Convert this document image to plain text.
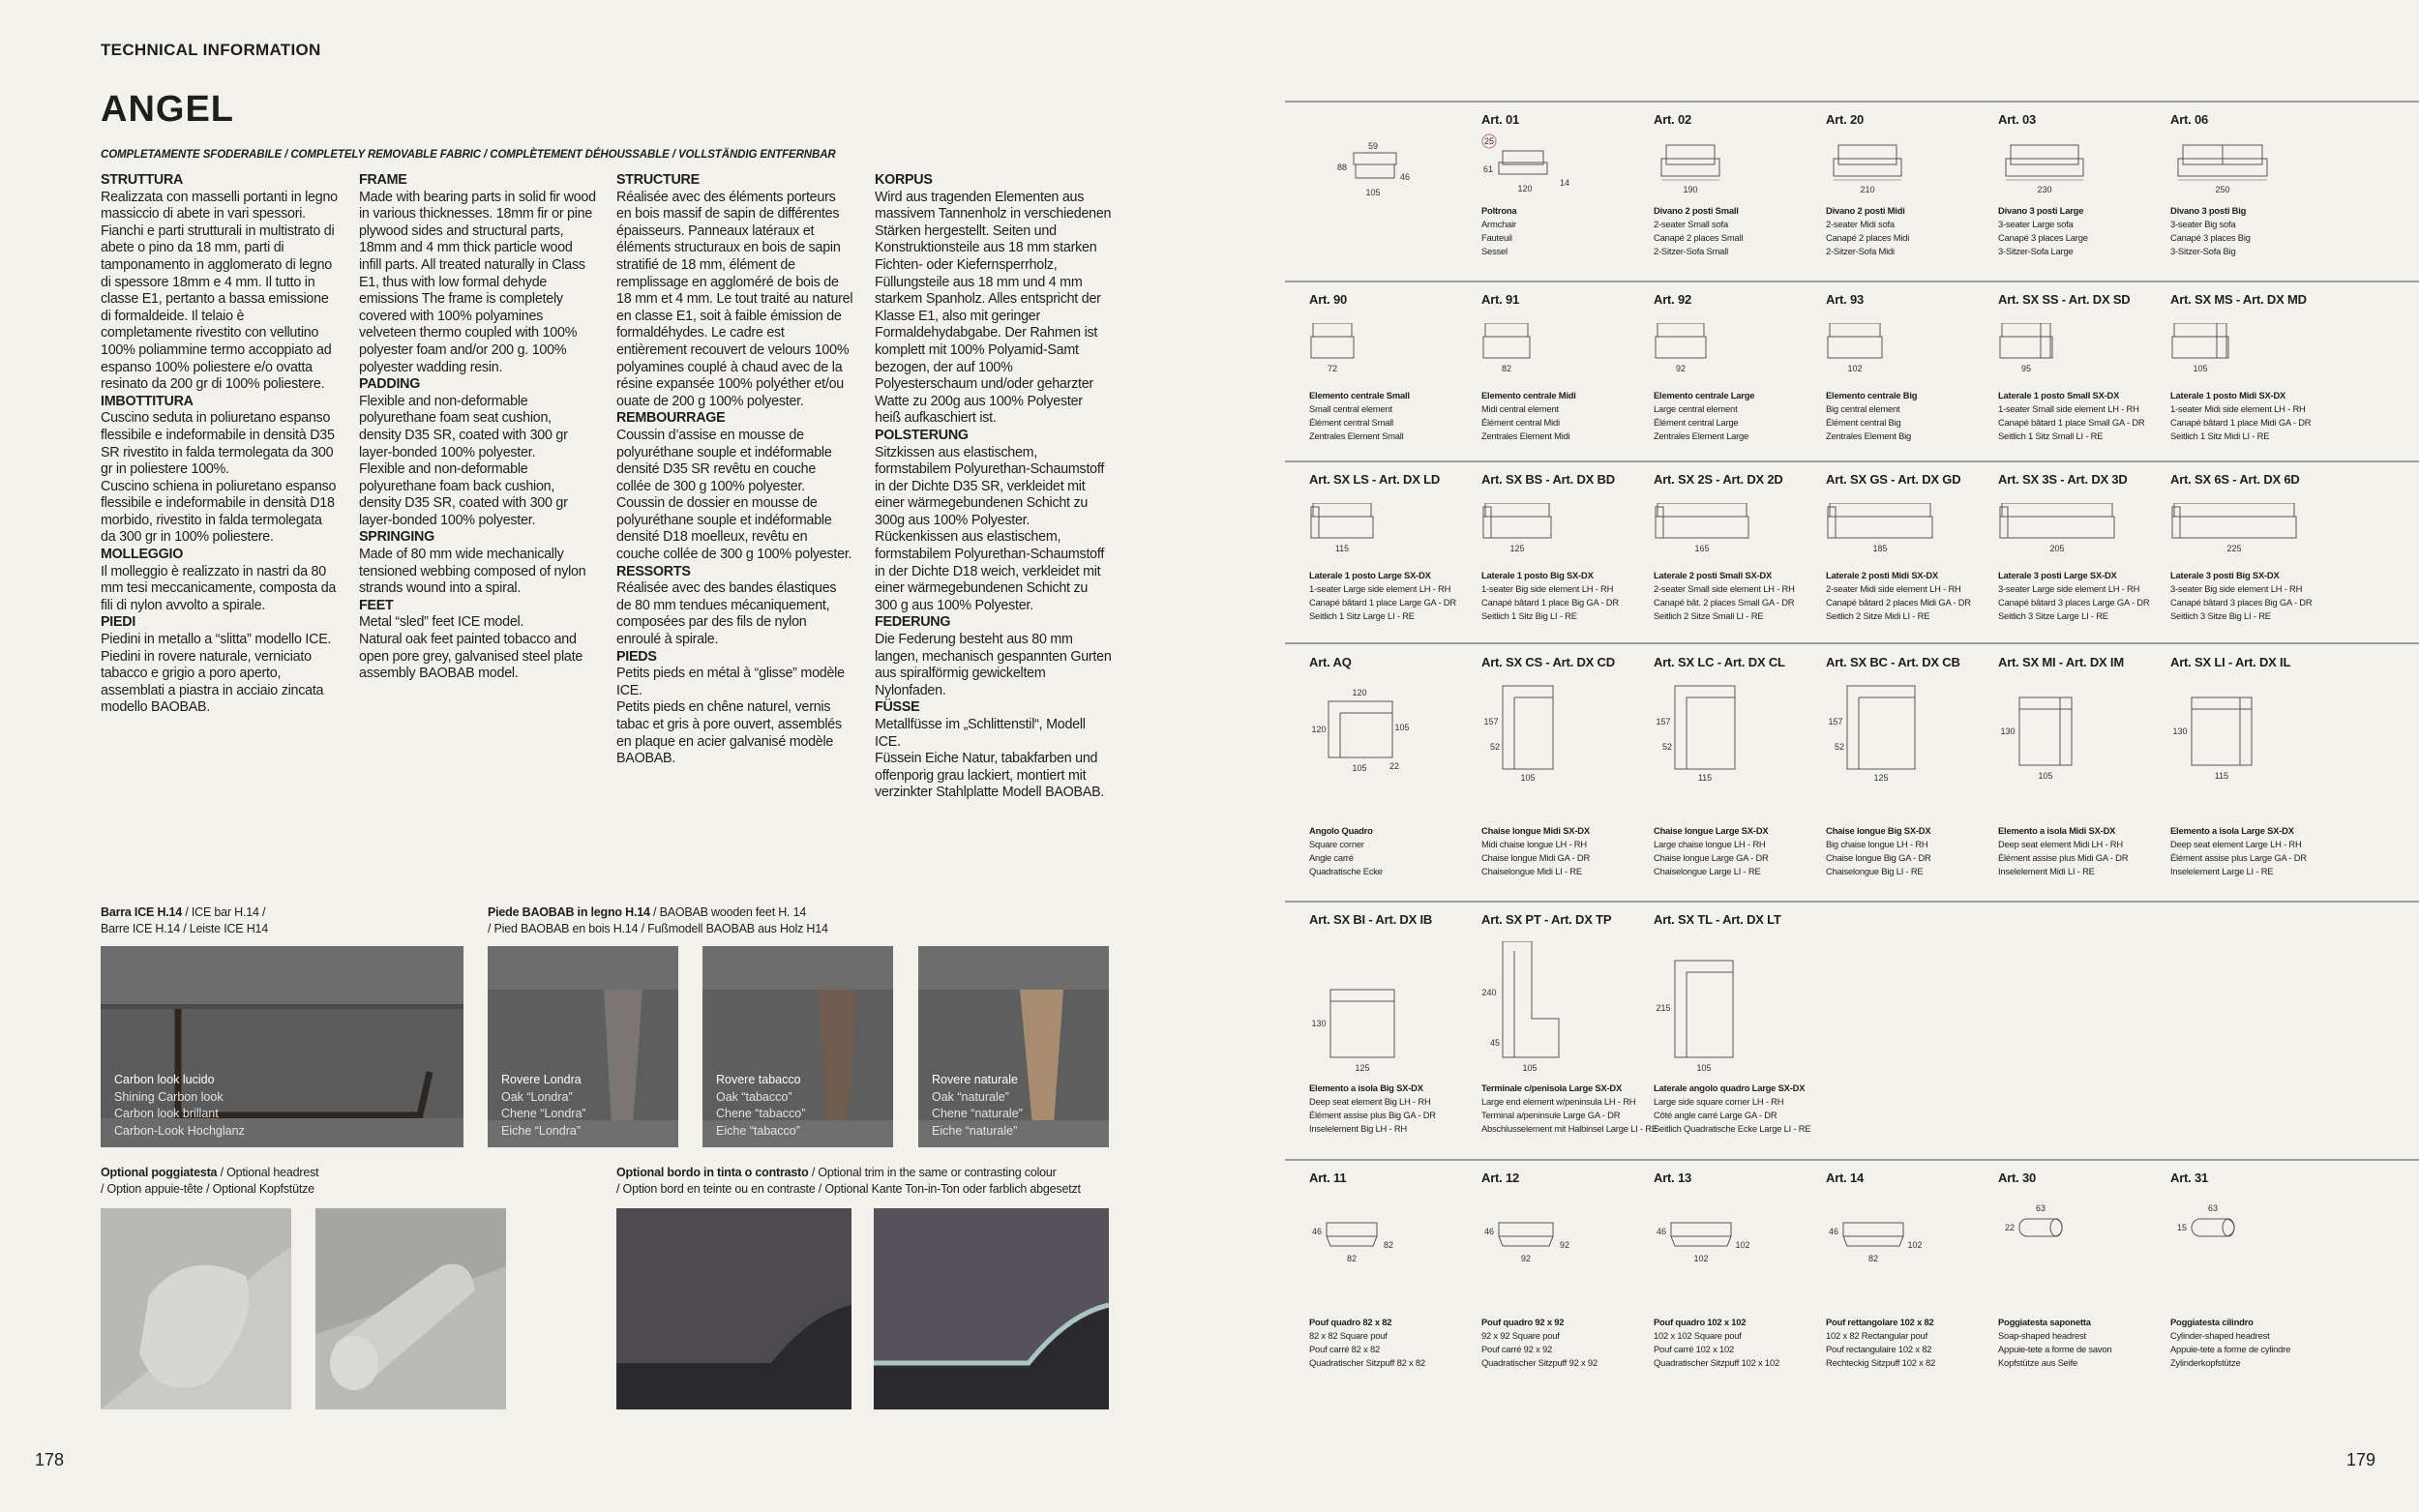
TECHNICAL INFORMATION
ANGEL
COMPLETAMENTE SFODERABILE / COMPLETELY REMOVABLE FABRIC / COMPLÈTEMENT DÉHOUSSABLE / VOLLSTÄNDIG ENTFERNBAR
STRUTTURA
Realizzata con masselli portanti in legno massiccio di abete in vari spessori. Fianchi e parti strutturali in multistrato di abete o pino da 18 mm, parti di tamponamento in agglomerato di legno di spessore 18mm e 4 mm. Il tutto in classe E1, pertanto a bassa emissione di formaldeide. Il telaio è completamente rivestito con vellutino 100% poliammine termo accoppiato ad espanso 100% poliestere e/o ovatta resinato da 200 gr di 100% poliestere.
IMBOTTITURA
Cuscino seduta in poliuretano espanso flessibile e indeformabile in densità D35 SR rivestito in falda termolegata da 300 gr in poliestere 100%.
Cuscino schiena in poliuretano espanso flessibile e indeformabile in densità D18 morbido, rivestito in falda termolegata da 300 gr in 100% poliestere.
MOLLEGGIO
Il molleggio è realizzato in nastri da 80 mm tesi meccanicamente, composta da fili di nylon avvolto a spirale.
PIEDI
Piedini in metallo a “slitta” modello ICE.
Piedini in rovere naturale, verniciato tabacco e grigio a poro aperto, assemblati a piastra in acciaio zincata modello BAOBAB.
FRAME
Made with bearing parts in solid fir wood in various thicknesses. 18mm fir or pine plywood sides and structural parts, 18mm and 4 mm thick particle wood infill parts. All treated naturally in Class E1, thus with low formal dehyde emissions The frame is completely covered with 100% polyamines velveteen thermo coupled with 100% polyester foam and/or 200 g. 100% polyester wadding resin.
PADDING
Flexible and non-deformable polyurethane foam seat cushion, density D35 SR, coated with 300 gr layer-bonded 100% polyester.
Flexible and non-deformable polyurethane foam back cushion, density D35 SR, coated with 300 gr layer-bonded 100% polyester.
SPRINGING
Made of 80 mm wide mechanically tensioned webbing composed of nylon strands wound into a spiral.
FEET
Metal “sled” feet ICE model.
Natural oak feet painted tobacco and open pore grey, galvanised steel plate assembly BAOBAB model.
STRUCTURE
Réalisée avec des éléments porteurs en bois massif de sapin de différentes épaisseurs. Panneaux latéraux et éléments structuraux en bois de sapin stratifié de 18 mm, élément de remplissage en aggloméré de bois de 18 mm et 4 mm. Le tout traité au naturel en classe E1, soit à faible émission de formaldéhydes. Le cadre est entièrement recouvert de velours 100% polyamines couplé à chaud avec de la résine expansée 100% polyéther et/ou ouate de 200 g 100% polyester.
REMBOURRAGE
Coussin d’assise en mousse de polyuréthane souple et indéformable densité D35 SR revêtu en couche collée de 300 g 100% polyester.
Coussin de dossier en mousse de polyuréthane souple et indéformable densité D18 moelleux, revêtu en couche collée de 300 g 100% polyester.
RESSORTS
Réalisée avec des bandes élastiques de 80 mm tendues mécaniquement, composées par des fils de nylon enroulé à spirale.
PIEDS
Petits pieds en métal à “glisse” modèle ICE.
Petits pieds en chêne naturel, vernis tabac et gris à pore ouvert, assemblés en plaque en acier galvanisé modèle BAOBAB.
KORPUS
Wird aus tragenden Elementen aus massivem Tannenholz in verschiedenen Stärken hergestellt. Seiten und Konstruktionsteile aus 18 mm starken Fichten- oder Kiefernsperrholz, Füllungsteile aus 18 mm und 4 mm starkem Spanholz. Alles entspricht der Klasse E1, also mit geringer Formaldehydabgabe. Der Rahmen ist komplett mit 100% Polyamid-Samt bezogen, der auf 100% Polyesterschaum und/oder geharzter Watte zu 200g aus 100% Polyester heiß aufkaschiert ist.
POLSTERUNG
Sitzkissen aus elastischem, formstabilem Polyurethan-Schaumstoff in der Dichte D35 SR, verkleidet mit einer wärmegebundenen Schicht zu 300g aus 100% Polyester.
Rückenkissen aus elastischem, formstabilem Polyurethan-Schaumstoff in der Dichte D18 weich, verkleidet mit einer wärmegebundenen Schicht zu 300 g aus 100% Polyester.
FEDERUNG
Die Federung besteht aus 80 mm langen, mechanisch gespannten Gurten aus spiralförmig gewickeltem Nylonfaden.
FÜSSE
Metallfüsse im „Schlittenstil“, Modell ICE.
Füssein Eiche Natur, tabakfarben und offenporig grau lackiert, montiert mit verzinkter Stahlplatte Modell BAOBAB.
Barra ICE H.14 / ICE bar H.14 /
Barre ICE H.14 / Leiste ICE H14
Piede BAOBAB in legno H.14 / BAOBAB wooden feet H. 14
/ Pied BAOBAB en bois H.14 / Fußmodell BAOBAB aus Holz H14
Carbon look lucido
Shining Carbon look
Carbon look brillant
Carbon-Look Hochglanz
Rovere Londra
Oak “Londra”
Chene “Londra”
Eiche “Londra”
Rovere tabacco
Oak “tabacco”
Chene “tabacco”
Eiche “tabacco”
Rovere naturale
Oak “naturale”
Chene “naturale”
Eiche “naturale”
Optional poggiatesta / Optional headrest
/ Option appuie-tête / Optional Kopfstütze
Optional bordo in tinta o contrasto / Optional trim in the same or contrasting colour
/ Option bord en teinte ou en contraste / Optional Kante Ton-in-Ton oder farblich abgesetzt
178	179
59
88
46
105
Art. 01
25
61
120
14
Poltrona
Armchair
Fauteuil
Sessel
Art. 02
190
Divano 2 posti Small
2-seater Small sofa
Canapé 2 places Small
2-Sitzer-Sofa Small
Art. 20
210
Divano 2 posti Midi
2-seater Midi sofa
Canapé 2 places Midi
2-Sitzer-Sofa Midi
Art. 03
230
Divano 3 posti Large
3-seater Large sofa
Canapé 3 places Large
3-Sitzer-Sofa Large
Art. 06
250
Divano 3 posti Big
3-seater Big sofa
Canapé 3 places Big
3-Sitzer-Sofa Big
Art. 90
72
Elemento centrale Small
Small central element
Élément central Small
Zentrales Element Small
Art. 91
82
Elemento centrale Midi
Midi central element
Élément central Midi
Zentrales Element Midi
Art. 92
92
Elemento centrale Large
Large central element
Élément central Large
Zentrales Element Large
Art. 93
102
Elemento centrale Big
Big central element
Élément central Big
Zentrales Element Big
Art. SX SS - Art. DX SD
95
Laterale 1 posto Small SX-DX
1-seater Small side element LH - RH
Canapé bâtard 1 place Small GA - DR
Seitlich 1 Sitz Small LI - RE
Art. SX MS - Art. DX MD
105
Laterale 1 posto Midi SX-DX
1-seater Midi side element LH - RH
Canapé bâtard 1 place Midi GA - DR
Seitlich 1 Sitz Midi LI - RE
Art. SX LS - Art. DX LD
115
Laterale 1 posto Large SX-DX
1-seater Large side element LH - RH
Canapé bâtard 1 place Large GA - DR
Seitlich 1 Sitz Large LI - RE
Art. SX BS - Art. DX BD
125
Laterale 1 posto Big SX-DX
1-seater Big side element LH - RH
Canapé bâtard 1 place Big GA - DR
Seitlich 1 Sitz Big LI - RE
Art. SX 2S - Art. DX 2D
165
Laterale 2 posti Small SX-DX
2-seater Small side element LH - RH
Canapé bât. 2 places Small GA - DR
Seitlich 2 Sitze Small LI - RE
Art. SX GS - Art. DX GD
185
Laterale 2 posti Midi SX-DX
2-seater Midi side element LH - RH
Canapé bâtard 2 places Midi GA - DR
Seitlich 2 Sitze Midi LI - RE
Art. SX 3S - Art. DX 3D
205
Laterale 3 posti Large SX-DX
3-seater Large side element LH - RH
Canapé bâtard 3 places Large GA - DR
Seitlich 3 Sitze Large LI - RE
Art. SX 6S - Art. DX 6D
225
Laterale 3 posti Big SX-DX
3-seater Big side element LH - RH
Canapé bâtard 3 places Big GA - DR
Seitlich 3 Sitze Big LI - RE
Art. AQ
120
120	105
105	22
Angolo Quadro
Square corner
Angle carré
Quadratische Ecke
Art. SX CS - Art. DX CD
157
52
105
Chaise longue Midi SX-DX
Midi chaise longue LH - RH
Chaise longue Midi GA - DR
Chaiselongue Midi LI - RE
Art. SX LC - Art. DX CL
157
52
115
Chaise longue Large SX-DX
Large chaise longue LH - RH
Chaise longue Large GA - DR
Chaiselongue Large LI - RE
Art. SX BC - Art. DX CB
157
52
125
Chaise longue Big SX-DX
Big chaise longue LH - RH
Chaise longue Big GA - DR
Chaiselongue Big LI - RE
Art. SX MI - Art. DX IM
130
105
Elemento a isola Midi SX-DX
Deep seat element Midi LH - RH
Élément assise plus Midi GA - DR
Inselelement Midi LI - RE
Art. SX LI - Art. DX IL
130
115
Elemento a isola Large SX-DX
Deep seat element Large LH - RH
Élément assise plus Large GA - DR
Inselelement Large LI - RE
Art. SX BI - Art. DX IB
130
125
Elemento a isola Big SX-DX
Deep seat element Big LH - RH
Élément assise plus Big GA - DR
Inselelement Big LH - RH
Art. SX PT - Art. DX TP
240
45
105
Terminale c/penisola Large SX-DX
Large end element w/peninsula LH - RH
Terminal a/peninsule Large GA - DR
Abschlusselement mit Halbinsel Large LI - RE
Art. SX TL - Art. DX LT
215
105
Laterale angolo quadro Large SX-DX
Large side square corner LH - RH
Côté angle carré Large GA - DR
Seitlich Quadratische Ecke Large LI - RE
Art. 11
46
82
82
Pouf quadro 82 x 82
82 x 82 Square pouf
Pouf carré 82 x 82
Quadratischer Sitzpuff 82 x 82
Art. 12
46
92
92
Pouf quadro 92 x 92
92 x 92 Square pouf
Pouf carré 92 x 92
Quadratischer Sitzpuff 92 x 92
Art. 13
46
102
102
Pouf quadro 102 x 102
102 x 102 Square pouf
Pouf carré 102 x 102
Quadratischer Sitzpuff 102 x 102
Art. 14
46
82
102
Pouf rettangolare 102 x 82
102 x 82 Rectangular pouf
Pouf rectangulaire 102 x 82
Rechteckig Sitzpuff 102 x 82
Art. 30
63
22
Poggiatesta saponetta
Soap-shaped headrest
Appuie-tete a forme de savon
Kopfstütze aus Seife
Art. 31
63
15
Poggiatesta cilindro
Cylinder-shaped headrest
Appuie-tete a forme de cylindre
Zylinderkopfstütze
